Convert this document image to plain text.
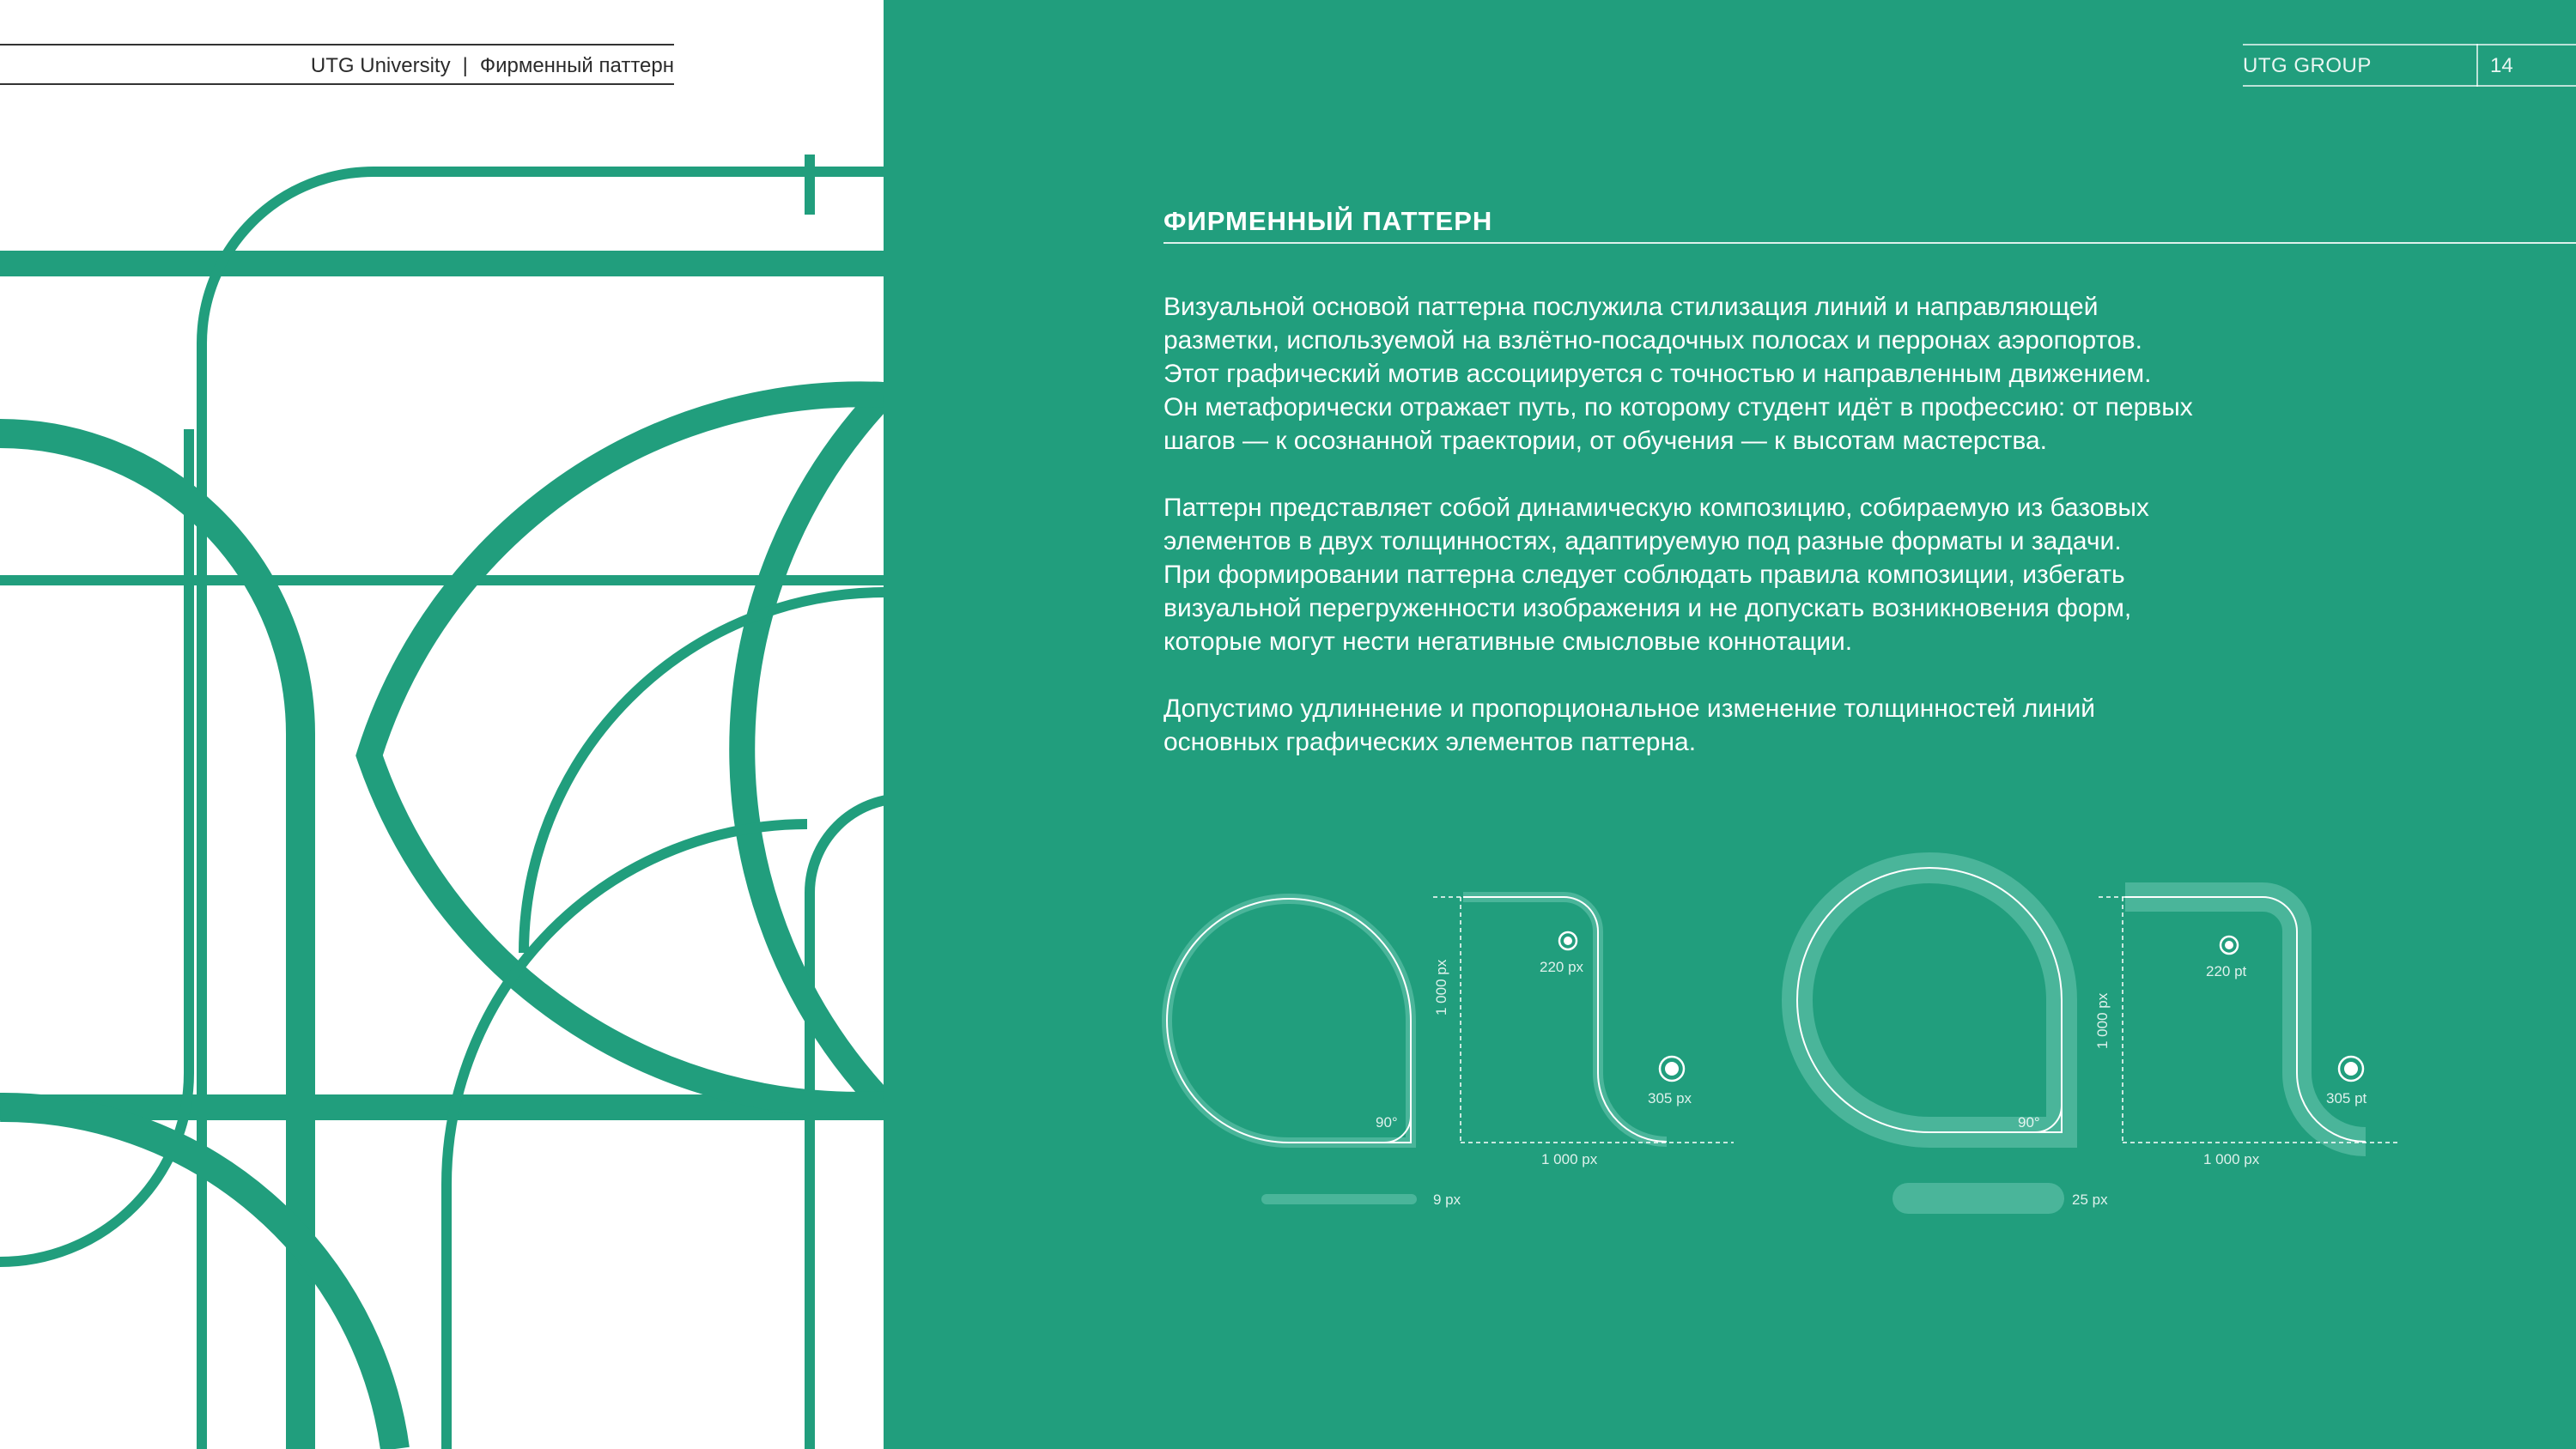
UTG University | Фирменный паттерн	UTG GROUP	14
ФИРМЕННЫЙ ПАТТЕРН

Визуальной основой паттерна послужила стилизация линий и направляющей
разметки, используемой на взлётно-посадочных полосах и перронах аэропортов.
Этот графический мотив ассоциируется с точностью и направленным движением.
Он метафорически отражает путь, по которому студент идёт в профессию: от первых
шагов — к осознанной траектории, от обучения — к высотам мастерства.

Паттерн представляет собой динамическую композицию, собираемую из базовых
элементов в двух толщинностях, адаптируемую под разные форматы и задачи.
При формировании паттерна следует соблюдать правила композиции, избегать
визуальной перегруженности изображения и не допускать возникновения форм,
которые могут нести негативные смысловые коннотации.

Допустимо удлиннение и пропорциональное изменение толщинностей линий
основных графических элементов паттерна.

90°
1 000 px	220 px
305 px
1 000 px
9 px
90°
1 000 px
220 pt
305 pt
1 000 px
25 px
